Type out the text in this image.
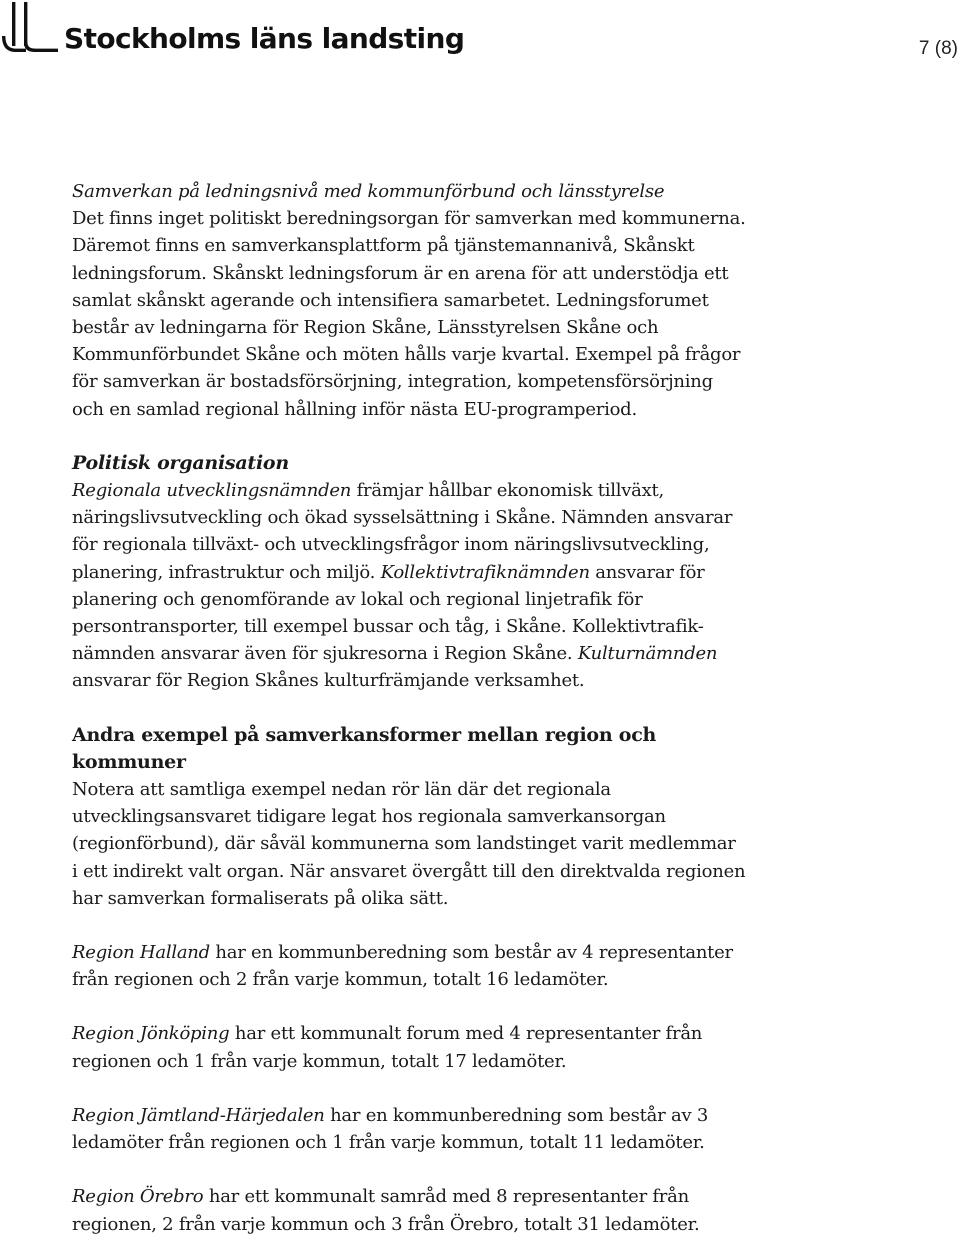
Stockholms läns landsting	7 (8)

Samverkan på ledningsnivå med kommunförbund och länsstyrelse

Det finns inget politiskt beredningsorgan för samverkan med kommunerna.

Däremot finns en samverkansplattform på tjänstemannanivå, Skånskt

ledningsforum. Skånskt ledningsforum är en arena för att understödja ett

samlat skånskt agerande och intensifiera samarbetet. Ledningsforumet

består av ledningarna för Region Skåne, Länsstyrelsen Skåne och

Kommunförbundet Skåne och möten hålls varje kvartal. Exempel på frågor

för samverkan är bostadsförsörjning, integration, kompetensförsörjning

och en samlad regional hållning inför nästa EU-programperiod.

Politisk organisation

Regionala utvecklingsnämnden främjar hållbar ekonomisk tillväxt,

näringslivsutveckling och ökad sysselsättning i Skåne. Nämnden ansvarar

för regionala tillväxt- och utvecklingsfrågor inom näringslivsutveckling,

planering, infrastruktur och miljö. Kollektivtrafiknämnden ansvarar för

planering och genomförande av lokal och regional linjetrafik för

persontransporter, till exempel bussar och tåg, i Skåne. Kollektivtrafik-

nämnden ansvarar även för sjukresorna i Region Skåne. Kulturnämnden

ansvarar för Region Skånes kulturfrämjande verksamhet.

Andra exempel på samverkansformer mellan region och

kommuner

Notera att samtliga exempel nedan rör län där det regionala

utvecklingsansvaret tidigare legat hos regionala samverkansorgan

(regionförbund), där såväl kommunerna som landstinget varit medlemmar

i ett indirekt valt organ. När ansvaret övergått till den direktvalda regionen

har samverkan formaliserats på olika sätt.

Region Halland har en kommunberedning som består av 4 representanter

från regionen och 2 från varje kommun, totalt 16 ledamöter.

Region Jönköping har ett kommunalt forum med 4 representanter från

regionen och 1 från varje kommun, totalt 17 ledamöter.

Region Jämtland-Härjedalen har en kommunberedning som består av 3

ledamöter från regionen och 1 från varje kommun, totalt 11 ledamöter.

Region Örebro har ett kommunalt samråd med 8 representanter från

regionen, 2 från varje kommun och 3 från Örebro, totalt 31 ledamöter.
